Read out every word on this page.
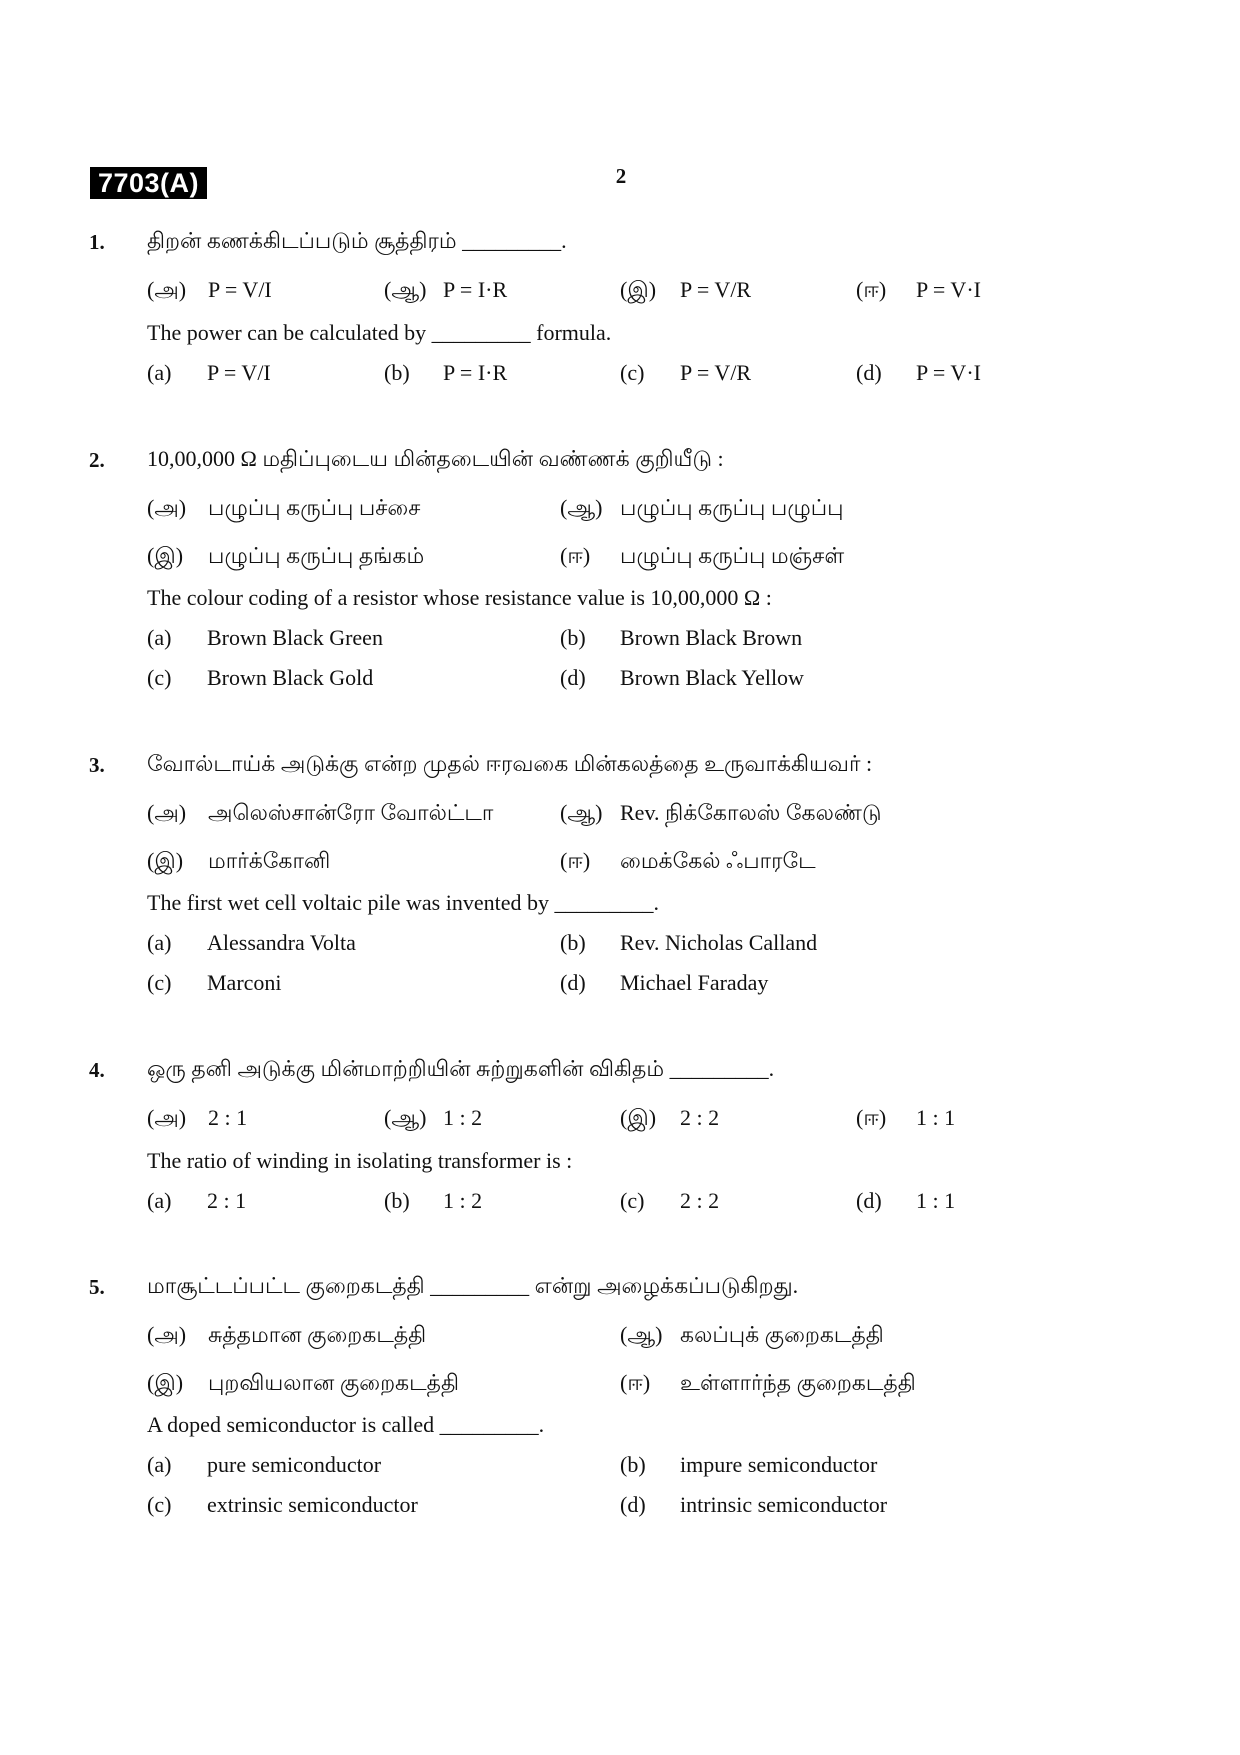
7703(A)	2
1. திறன் கணக்கிடப்படும் சூத்திரம் _________.
(அ) P = V/I	(ஆ) P = I·R	(இ) P = V/R	(ஈ) P = V·I
The power can be calculated by _________ formula.
(a) P = V/I	(b) P = I·R	(c) P = V/R	(d) P = V·I
2. 10,00,000 Ω மதிப்புடைய மின்தடையின் வண்ணக் குறியீடு :
(அ) பழுப்பு கருப்பு பச்சை	(ஆ) பழுப்பு கருப்பு பழுப்பு
(இ) பழுப்பு கருப்பு தங்கம்	(ஈ) பழுப்பு கருப்பு மஞ்சள்
The colour coding of a resistor whose resistance value is 10,00,000 Ω :
(a) Brown Black Green	(b) Brown Black Brown
(c) Brown Black Gold	(d) Brown Black Yellow
3. வோல்டாய்க் அடுக்கு என்ற முதல் ஈரவகை மின்கலத்தை உருவாக்கியவர் :
(அ) அலெஸ்சான்ரோ வோல்ட்டா	(ஆ) Rev. நிக்கோலஸ் கேலண்டு
(இ) மார்க்கோனி	(ஈ) மைக்கேல் ஃபாரடே
The first wet cell voltaic pile was invented by _________.
(a) Alessandra Volta	(b) Rev. Nicholas Calland
(c) Marconi	(d) Michael Faraday
4. ஒரு தனி அடுக்கு மின்மாற்றியின் சுற்றுகளின் விகிதம் _________.
(அ) 2 : 1	(ஆ) 1 : 2	(இ) 2 : 2	(ஈ) 1 : 1
The ratio of winding in isolating transformer is :
(a) 2 : 1	(b) 1 : 2	(c) 2 : 2	(d) 1 : 1
5. மாசூட்டப்பட்ட குறைகடத்தி _________ என்று அழைக்கப்படுகிறது.
(அ) சுத்தமான குறைகடத்தி	(ஆ) கலப்புக் குறைகடத்தி
(இ) புறவியலான குறைகடத்தி	(ஈ) உள்ளார்ந்த குறைகடத்தி
A doped semiconductor is called _________.
(a) pure semiconductor	(b) impure semiconductor
(c) extrinsic semiconductor	(d) intrinsic semiconductor
